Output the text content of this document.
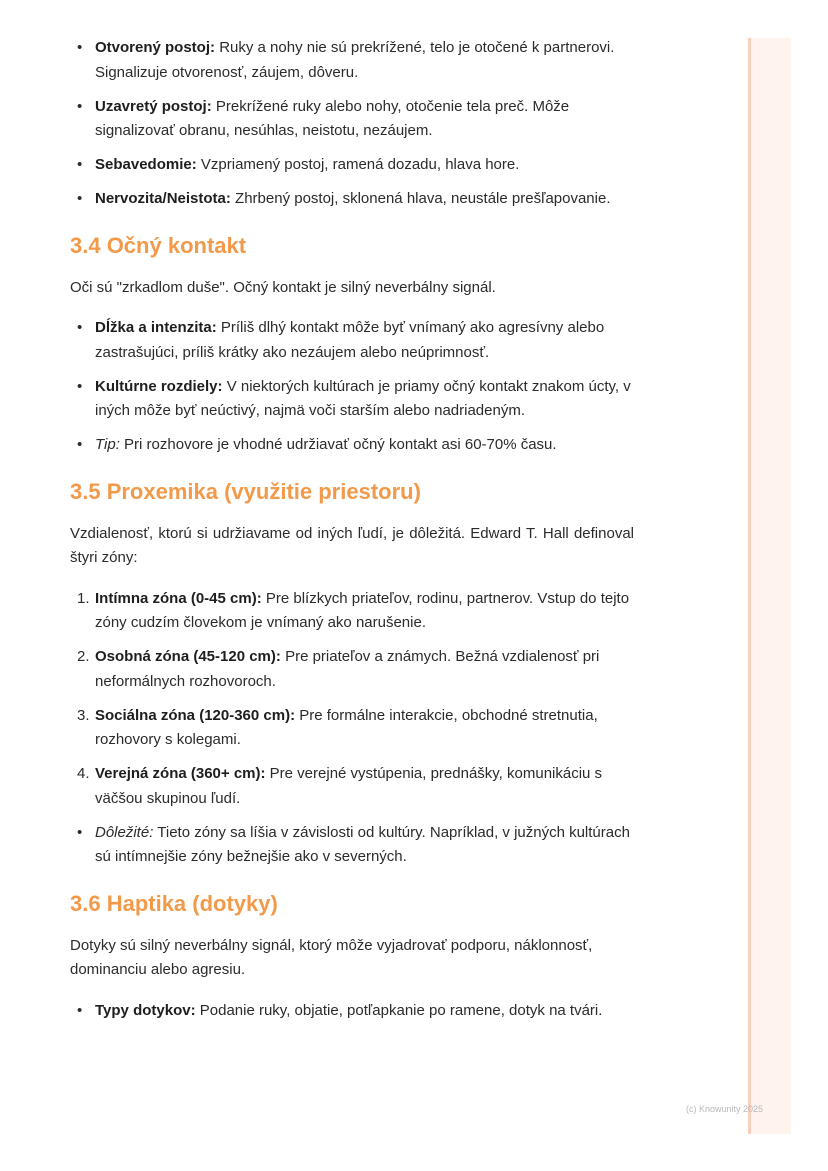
• Otvorený postoj: Ruky a nohy nie sú prekrížené, telo je otočené k partnerovi. Signalizuje otvorenosť, záujem, dôveru.
• Uzavretý postoj: Prekrížené ruky alebo nohy, otočenie tela preč. Môže signalizovať obranu, nesúhlas, neistotu, nezáujem.
• Sebavedomie: Vzpriamený postoj, ramená dozadu, hlava hore.
• Nervozita/Neistota: Zhrbený postoj, sklonená hlava, neustále prešľapovanie.
3.4 Očný kontakt

Oči sú "zrkadlom duše". Očný kontakt je silný neverbálny signál.

• Dĺžka a intenzita: Príliš dlhý kontakt môže byť vnímaný ako agresívny alebo zastrašujúci, príliš krátky ako nezáujem alebo neúprimnosť.
• Kultúrne rozdiely: V niektorých kultúrach je priamy očný kontakt znakom úcty, v iných môže byť neúctivý, najmä voči starším alebo nadriadeným.
• Tip: Pri rozhovore je vhodné udržiavať očný kontakt asi 60-70% času.
3.5 Proxemika (využitie priestoru)

Vzdialenosť, ktorú si udržiavame od iných ľudí, je dôležitá. Edward T. Hall definoval štyri zóny:

1. Intímna zóna (0-45 cm): Pre blízkych priateľov, rodinu, partnerov. Vstup do tejto zóny cudzím človekom je vnímaný ako narušenie.
2. Osobná zóna (45-120 cm): Pre priateľov a známych. Bežná vzdialenosť pri neformálnych rozhovoroch.
3. Sociálna zóna (120-360 cm): Pre formálne interakcie, obchodné stretnutia, rozhovory s kolegami.
4. Verejná zóna (360+ cm): Pre verejné vystúpenia, prednášky, komunikáciu s väčšou skupinou ľudí.
• Dôležité: Tieto zóny sa líšia v závislosti od kultúry. Napríklad, v južných kultúrach sú intímnejšie zóny bežnejšie ako v severných.
3.6 Haptika (dotyky)

Dotyky sú silný neverbálny signál, ktorý môže vyjadrovať podporu, náklonnosť, dominanciu alebo agresiu.

• Typy dotykov: Podanie ruky, objatie, potľapkanie po ramene, dotyk na tvári.
(c) Knowunity 2025
